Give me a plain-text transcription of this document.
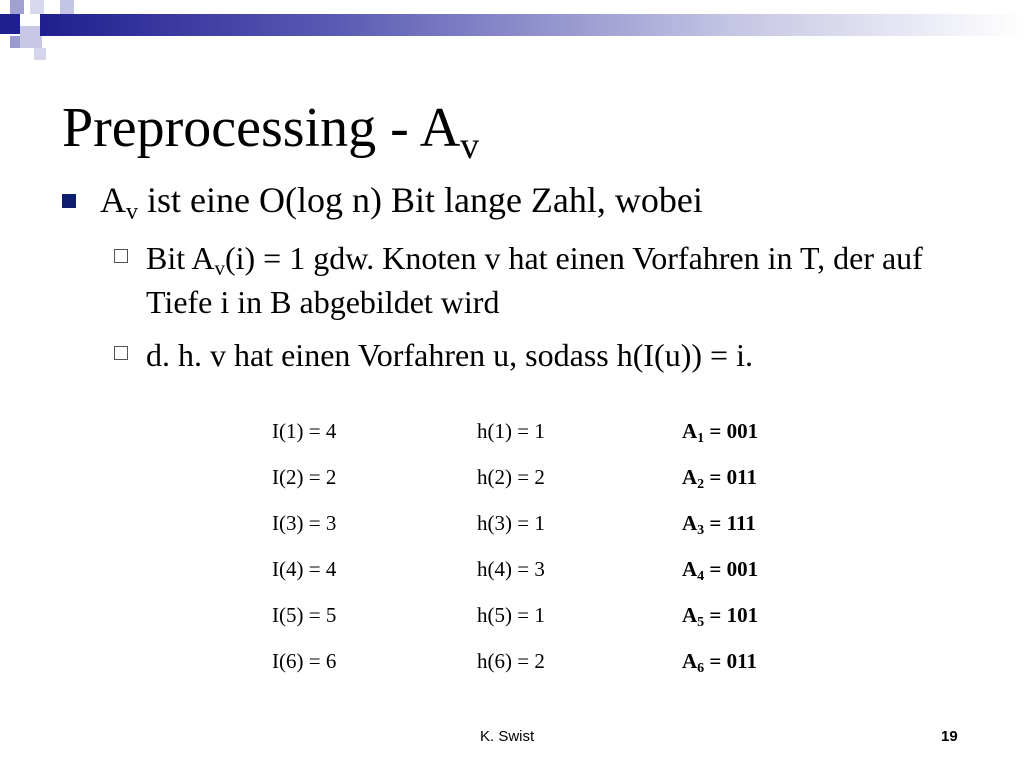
Preprocessing - $A_v$
$A_v$ ist eine O(log n) Bit lange Zahl, wobei
Bit $A_v(i) = 1$ gdw. Knoten v hat einen Vorfahren in T, der auf Tiefe i in B abgebildet wird
d. h. v hat einen Vorfahren u, sodass h(I(u)) = i.
I(1) = 4	h(1) = 1	$A_1 = 001$
I(2) = 2	h(2) = 2	$A_2 = 011$
I(3) = 3	h(3) = 1	$A_3 = 111$
I(4) = 4	h(4) = 3	$A_4 = 001$
I(5) = 5	h(5) = 1	$A_5 = 101$
I(6) = 6	h(6) = 2	$A_6 = 011$
K. Swist	19
